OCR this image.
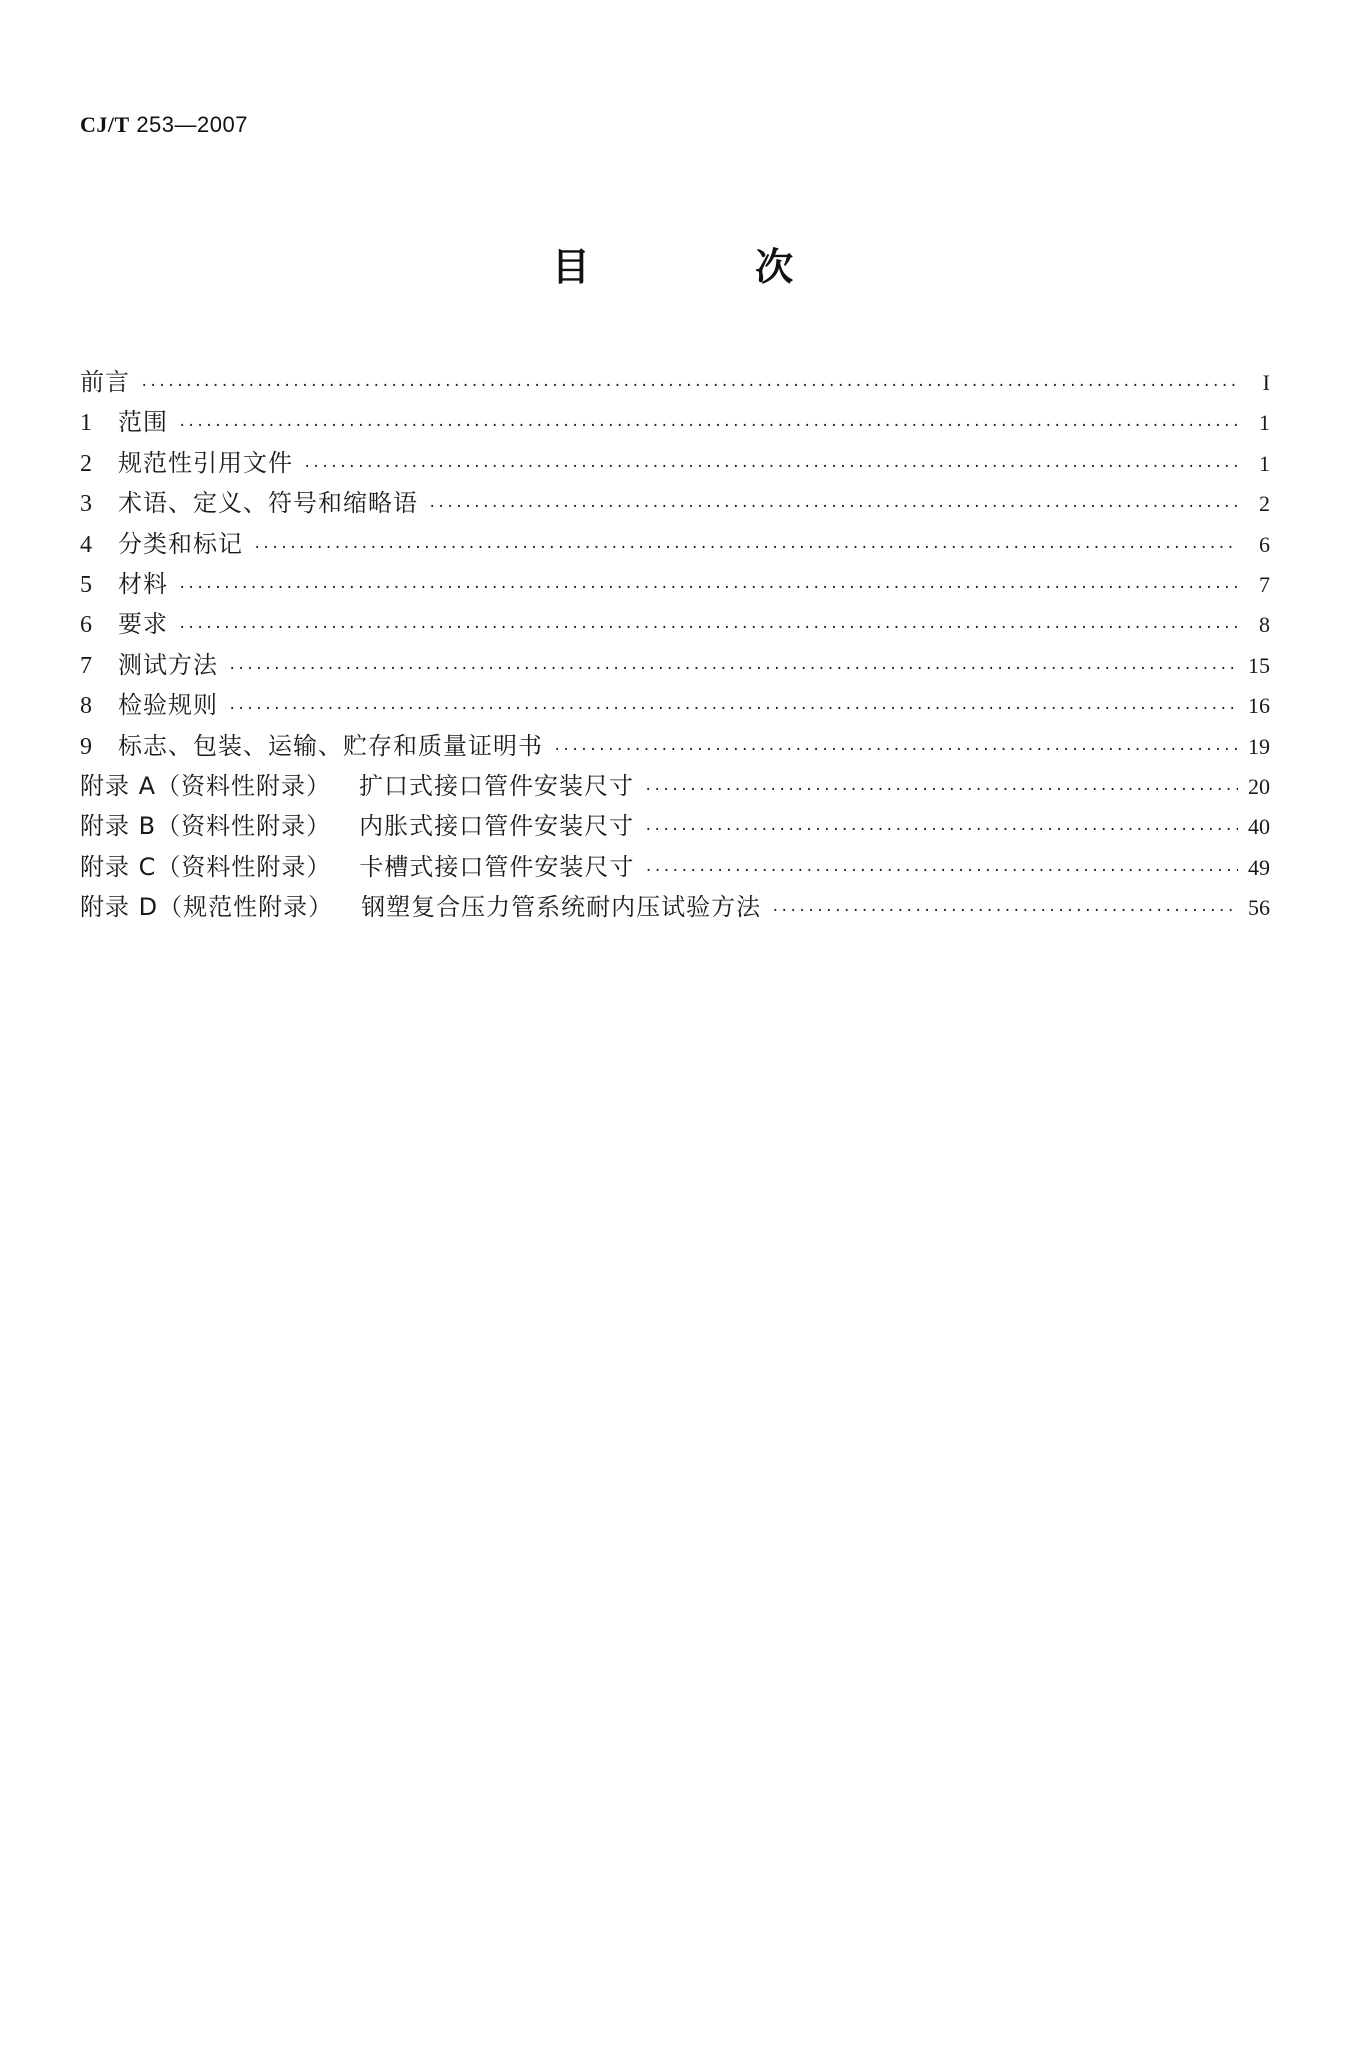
CJ/T 253—2007
目 次
前言 ·····	I
1	范围 ·····	1
2	规范性引用文件 ·····	1
3	术语、定义、符号和缩略语 ·····	2
4	分类和标记 ·····	6
5	材料 ·····	7
6	要求 ·····	8
7	测试方法 ·····	15
8	检验规则 ·····	16
9	标志、包装、运输、贮存和质量证明书 ·····	19
附录 A（资料性附录） 扩口式接口管件安装尺寸 ·····	20
附录 B（资料性附录） 内胀式接口管件安装尺寸 ·····	40
附录 C（资料性附录） 卡槽式接口管件安装尺寸 ·····	49
附录 D（规范性附录） 钢塑复合压力管系统耐内压试验方法 ·····	56
